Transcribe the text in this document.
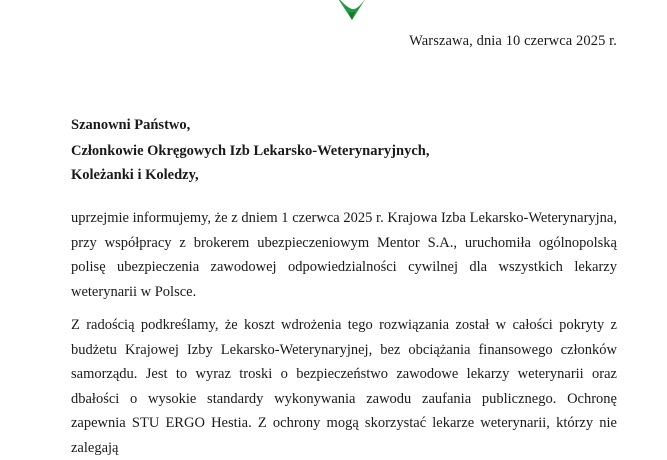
Warszawa, dnia 10 czerwca 2025 r.
Szanowni Państwo,
Członkowie Okręgowych Izb Lekarsko-Weterynaryjnych,
Koleżanki i Koledzy,

uprzejmie informujemy, że z dniem 1 czerwca 2025 r. Krajowa Izba Lekarsko-Weterynaryjna, przy współpracy z brokerem ubezpieczeniowym Mentor S.A., uruchomiła ogólnopolską polisę ubezpieczenia zawodowej odpowiedzialności cywilnej dla wszystkich lekarzy weterynarii w Polsce.

Z radością podkreślamy, że koszt wdrożenia tego rozwiązania został w całości pokryty z budżetu Krajowej Izby Lekarsko-Weterynaryjnej, bez obciążania finansowego członków samorządu. Jest to wyraz troski o bezpieczeństwo zawodowe lekarzy weterynarii oraz dbałości o wysokie standardy wykonywania zawodu zaufania publicznego. Ochronę zapewnia STU ERGO Hestia. Z ochrony mogą skorzystać lekarze weterynarii, którzy nie zalegają
